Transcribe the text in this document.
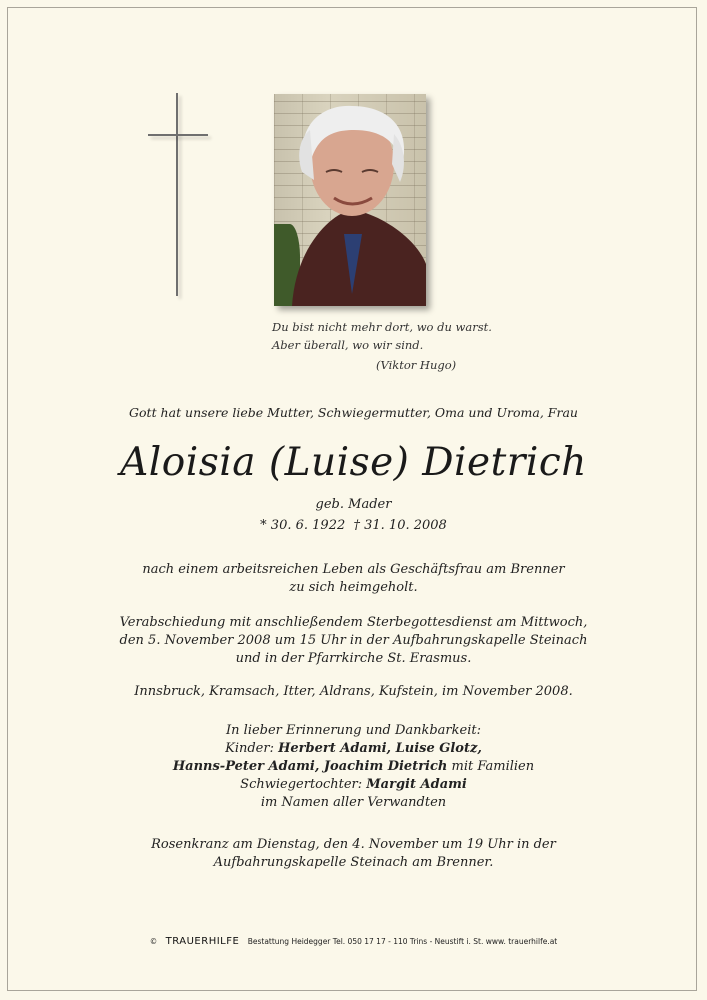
Du bist nicht mehr dort, wo du warst.
Aber überall, wo wir sind.
(Viktor Hugo)
Gott hat unsere liebe Mutter, Schwiegermutter, Oma und Uroma, Frau
Aloisia (Luise) Dietrich
geb. Mader
* 30. 6. 1922  † 31. 10. 2008
nach einem arbeitsreichen Leben als Geschäftsfrau am Brenner
zu sich heimgeholt.
Verabschiedung mit anschließendem Sterbegottesdienst am Mittwoch,
den 5. November 2008 um 15 Uhr in der Aufbahrungskapelle Steinach
und in der Pfarrkirche St. Erasmus.
Innsbruck, Kramsach, Itter, Aldrans, Kufstein, im November 2008.
In lieber Erinnerung und Dankbarkeit:
Kinder: Herbert Adami, Luise Glotz,
Hanns-Peter Adami, Joachim Dietrich mit Familien
Schwiegertochter: Margit Adami
im Namen aller Verwandten
Rosenkranz am Dienstag, den 4. November um 19 Uhr in der
Aufbahrungskapelle Steinach am Brenner.
© TRAUERHILFE Bestattung Heidegger Tel. 050 17 17 - 110 Trins - Neustift i. St. www. trauerhilfe.at
